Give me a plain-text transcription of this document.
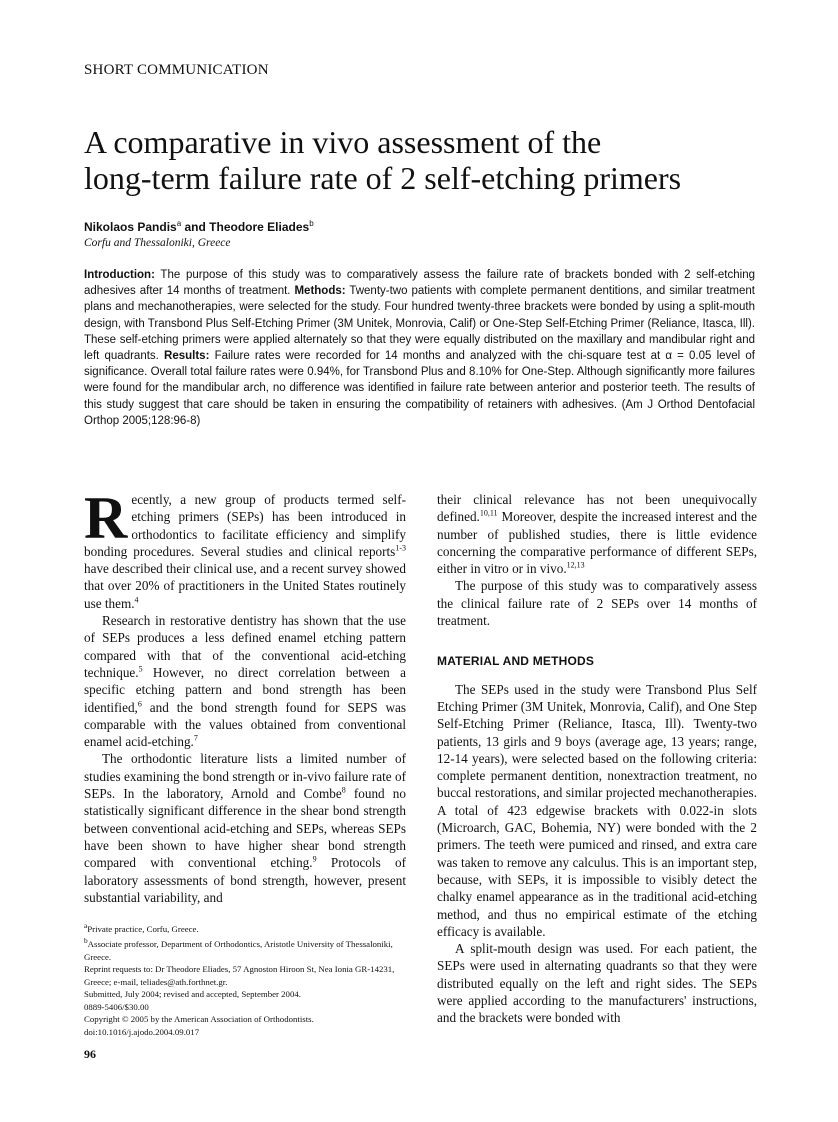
SHORT COMMUNICATION
A comparative in vivo assessment of the
long-term failure rate of 2 self-etching primers
Nikolaos Pandis$^a$ and Theodore Eliades$^b$
Corfu and Thessaloniki, Greece

Introduction: The purpose of this study was to comparatively assess the failure rate of brackets bonded with 2 self-etching adhesives after 14 months of treatment. Methods: Twenty-two patients with complete permanent dentitions, and similar treatment plans and mechanotherapies, were selected for the study. Four hundred twenty-three brackets were bonded by using a split-mouth design, with Transbond Plus Self-Etching Primer (3M Unitek, Monrovia, Calif) or One-Step Self-Etching Primer (Reliance, Itasca, Ill). These self-etching primers were applied alternately so that they were equally distributed on the maxillary and mandibular right and left quadrants. Results: Failure rates were recorded for 14 months and analyzed with the chi-square test at α = 0.05 level of significance. Overall total failure rates were 0.94%, for Transbond Plus and 8.10% for One-Step. Although significantly more failures were found for the mandibular arch, no difference was identified in failure rate between anterior and posterior teeth. The results of this study suggest that care should be taken in ensuring the compatibility of retainers with adhesives. (Am J Orthod Dentofacial Orthop 2005;128:96-8)

Recently, a new group of products termed self-etching primers (SEPs) has been introduced in orthodontics to facilitate efficiency and simplify bonding procedures. Several studies and clinical reports$^{1-3}$ have described their clinical use, and a recent survey showed that over 20% of practitioners in the United States routinely use them.$^4$

Research in restorative dentistry has shown that the use of SEPs produces a less defined enamel etching pattern compared with that of the conventional acid-etching technique.$^5$ However, no direct correlation between a specific etching pattern and bond strength has been identified,$^6$ and the bond strength found for SEPS was comparable with the values obtained from conventional enamel acid-etching.$^7$

The orthodontic literature lists a limited number of studies examining the bond strength or in-vivo failure rate of SEPs. In the laboratory, Arnold and Combe$^8$ found no statistically significant difference in the shear bond strength between conventional acid-etching and SEPs, whereas SEPs have been shown to have higher shear bond strength compared with conventional etching.$^9$ Protocols of laboratory assessments of bond strength, however, present substantial variability, and

their clinical relevance has not been unequivocally defined.$^{10,11}$ Moreover, despite the increased interest and the number of published studies, there is little evidence concerning the comparative performance of different SEPs, either in vitro or in vivo.$^{12,13}$

The purpose of this study was to comparatively assess the clinical failure rate of 2 SEPs over 14 months of treatment.

MATERIAL AND METHODS

The SEPs used in the study were Transbond Plus Self Etching Primer (3M Unitek, Monrovia, Calif), and One Step Self-Etching Primer (Reliance, Itasca, Ill). Twenty-two patients, 13 girls and 9 boys (average age, 13 years; range, 12-14 years), were selected based on the following criteria: complete permanent dentition, nonextraction treatment, no buccal restorations, and similar projected mechanotherapies. A total of 423 edgewise brackets with 0.022-in slots (Microarch, GAC, Bohemia, NY) were bonded with the 2 primers. The teeth were pumiced and rinsed, and extra care was taken to remove any calculus. This is an important step, because, with SEPs, it is impossible to visibly detect the chalky enamel appearance as in the traditional acid-etching method, and thus no empirical estimate of the etching efficacy is available.

A split-mouth design was used. For each patient, the SEPs were used in alternating quadrants so that they were distributed equally on the left and right sides. The SEPs were applied according to the manufacturers' instructions, and the brackets were bonded with

$^a$Private practice, Corfu, Greece.
$^b$Associate professor, Department of Orthodontics, Aristotle University of Thessaloniki, Greece.
Reprint requests to: Dr Theodore Eliades, 57 Agnoston Hiroon St, Nea Ionia GR-14231, Greece; e-mail, teliades@ath.forthnet.gr.
Submitted, July 2004; revised and accepted, September 2004.
0889-5406/$30.00
Copyright © 2005 by the American Association of Orthodontists.
doi:10.1016/j.ajodo.2004.09.017
96
